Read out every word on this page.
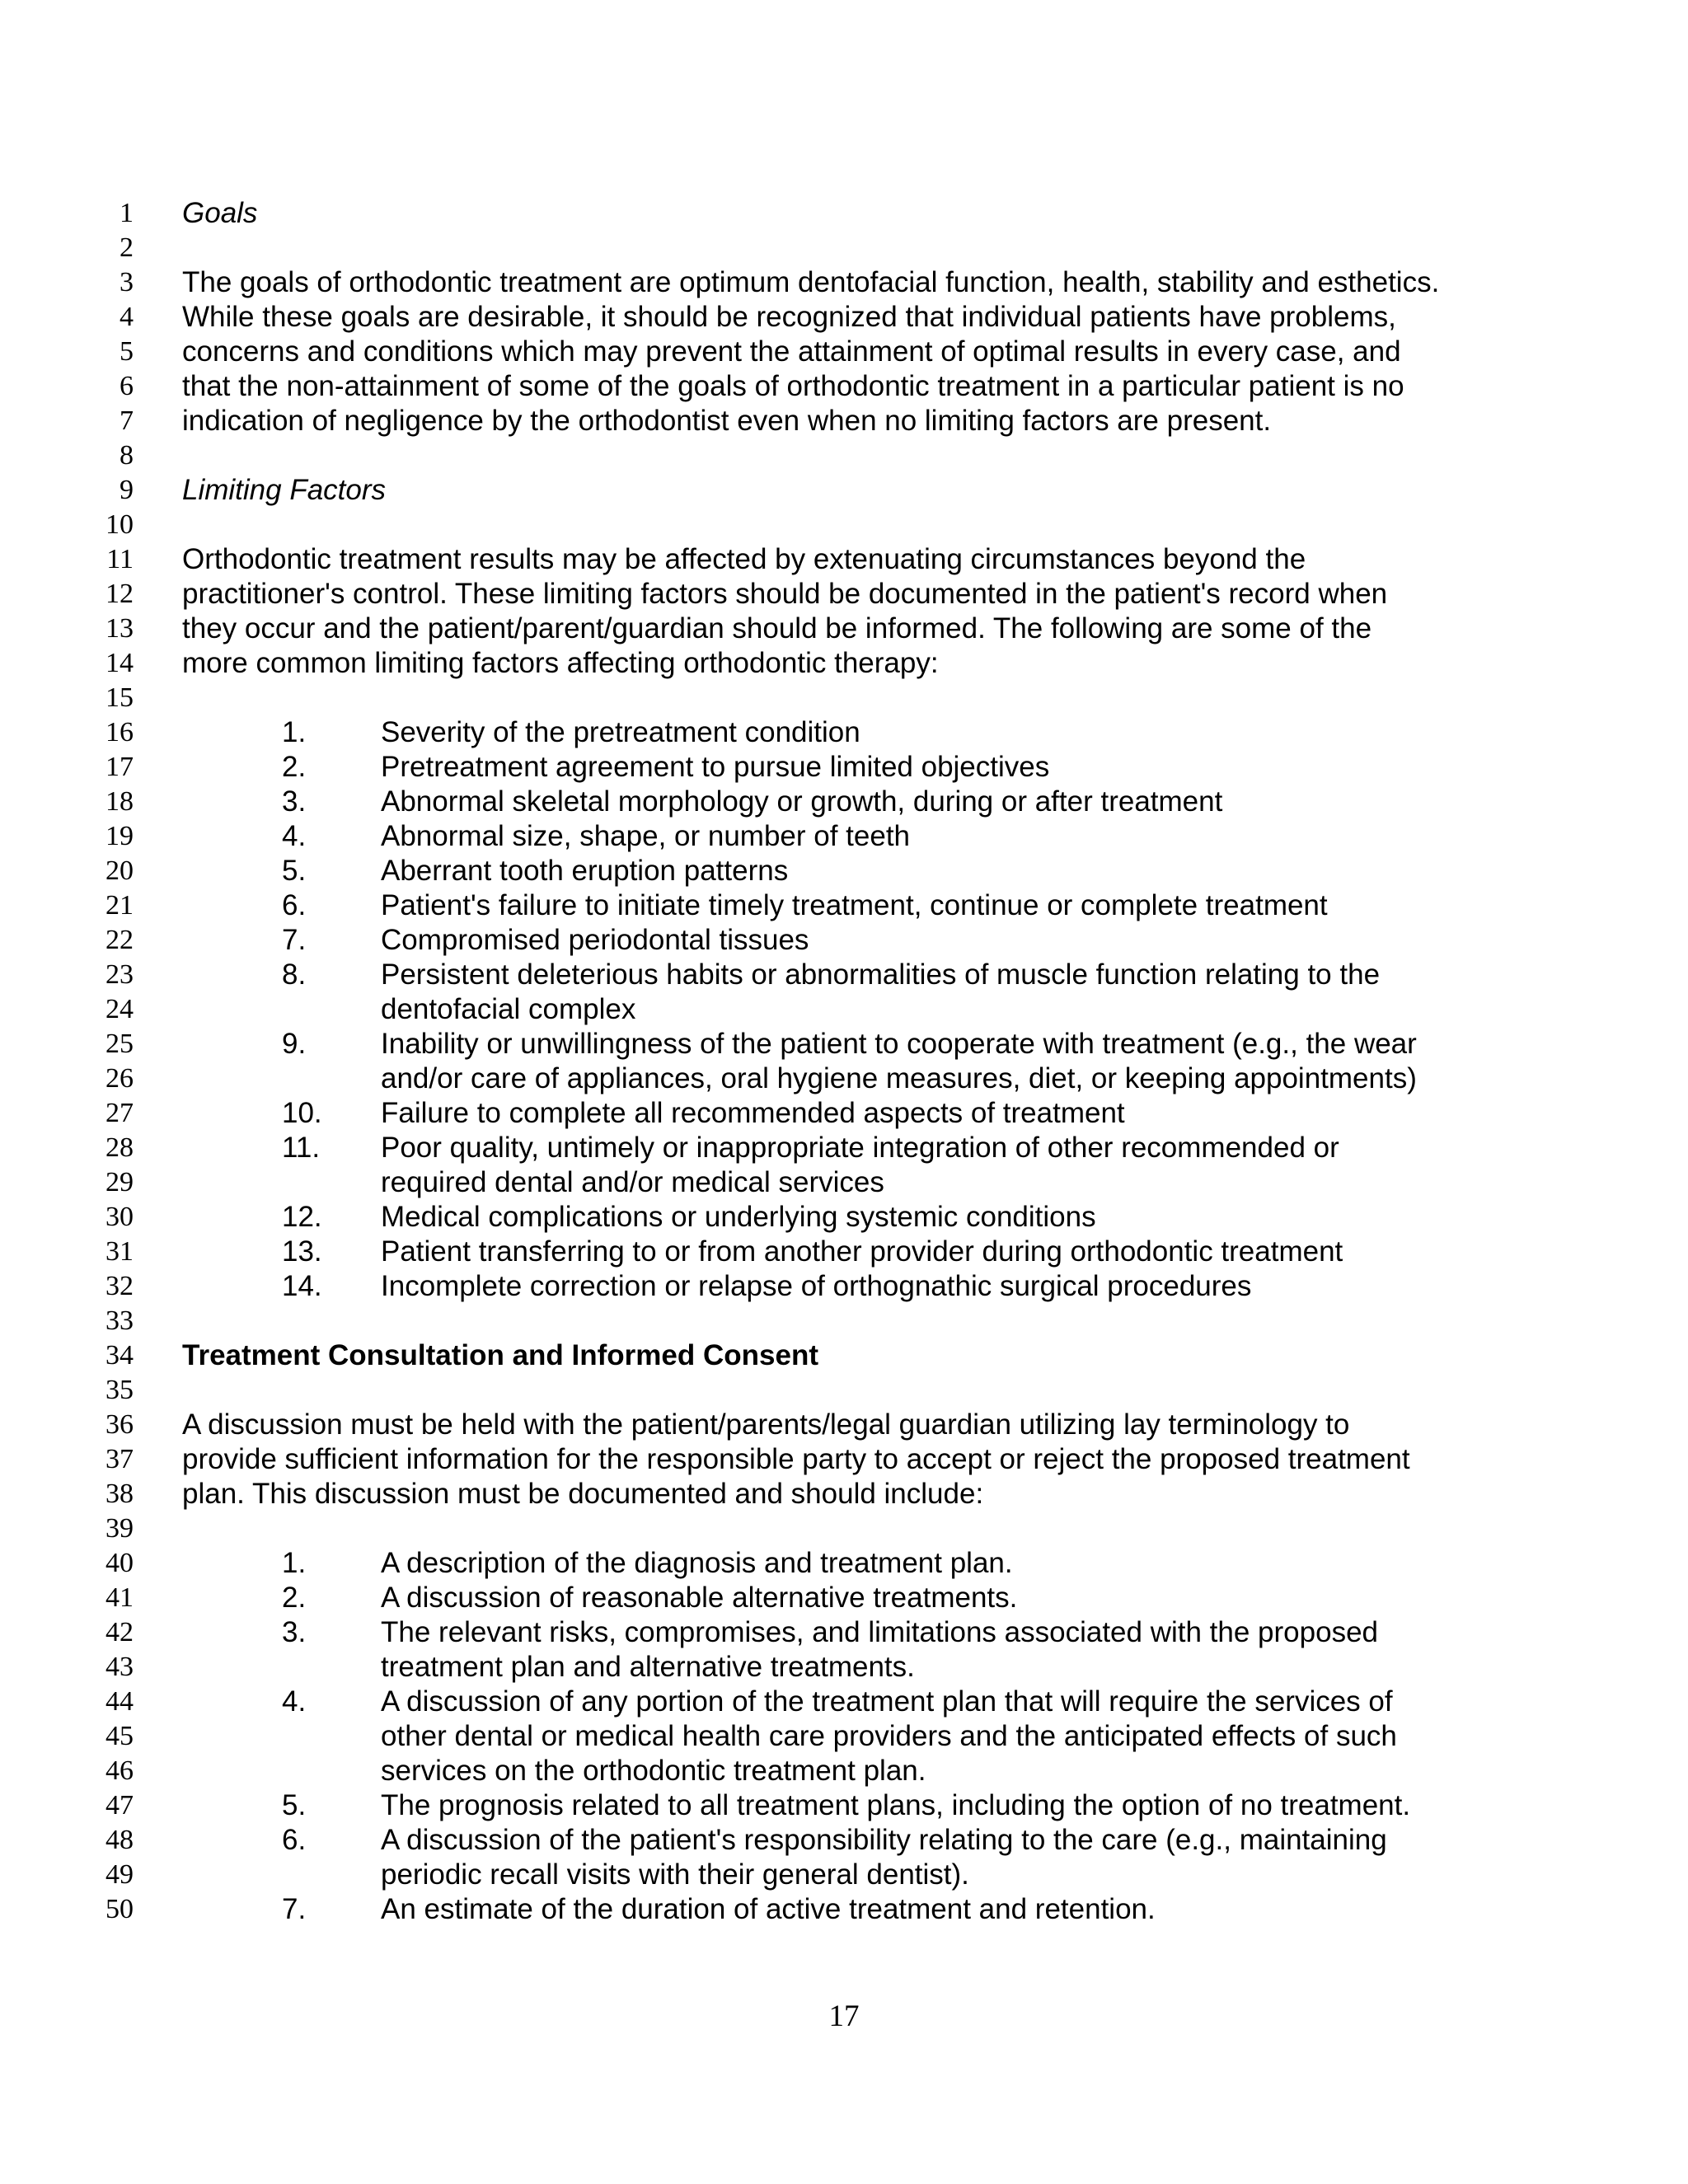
1 Goals
2
3 The goals of orthodontic treatment are optimum dentofacial function, health, stability and esthetics.
4 While these goals are desirable, it should be recognized that individual patients have problems,
5 concerns and conditions which may prevent the attainment of optimal results in every case, and
6 that the non-attainment of some of the goals of orthodontic treatment in a particular patient is no
7 indication of negligence by the orthodontist even when no limiting factors are present.
8
9 Limiting Factors
10
11 Orthodontic treatment results may be affected by extenuating circumstances beyond the
12 practitioner's control. These limiting factors should be documented in the patient's record when
13 they occur and the patient/parent/guardian should be informed. The following are some of the
14 more common limiting factors affecting orthodontic therapy:
15
16	1.	Severity of the pretreatment condition
17	2.	Pretreatment agreement to pursue limited objectives
18	3.	Abnormal skeletal morphology or growth, during or after treatment
19	4.	Abnormal size, shape, or number of teeth
20	5.	Aberrant tooth eruption patterns
21	6.	Patient's failure to initiate timely treatment, continue or complete treatment
22	7.	Compromised periodontal tissues
23	8.	Persistent deleterious habits or abnormalities of muscle function relating to the
24	dentofacial complex
25	9.	Inability or unwillingness of the patient to cooperate with treatment (e.g., the wear
26	and/or care of appliances, oral hygiene measures, diet, or keeping appointments)
27	10. Failure to complete all recommended aspects of treatment
28	11. Poor quality, untimely or inappropriate integration of other recommended or
29	required dental and/or medical services
30	12. Medical complications or underlying systemic conditions
31	13. Patient transferring to or from another provider during orthodontic treatment
32	14. Incomplete correction or relapse of orthognathic surgical procedures
33
34 Treatment Consultation and Informed Consent
35
36 A discussion must be held with the patient/parents/legal guardian utilizing lay terminology to
37 provide sufficient information for the responsible party to accept or reject the proposed treatment
38 plan. This discussion must be documented and should include:
39
40	1.	A description of the diagnosis and treatment plan.
41	2.	A discussion of reasonable alternative treatments.
42	3.	The relevant risks, compromises, and limitations associated with the proposed
43	treatment plan and alternative treatments.
44	4.	A discussion of any portion of the treatment plan that will require the services of
45	other dental or medical health care providers and the anticipated effects of such
46	services on the orthodontic treatment plan.
47	5.	The prognosis related to all treatment plans, including the option of no treatment.
48	6.	A discussion of the patient's responsibility relating to the care (e.g., maintaining
49	periodic recall visits with their general dentist).
50	7.	An estimate of the duration of active treatment and retention.
17
